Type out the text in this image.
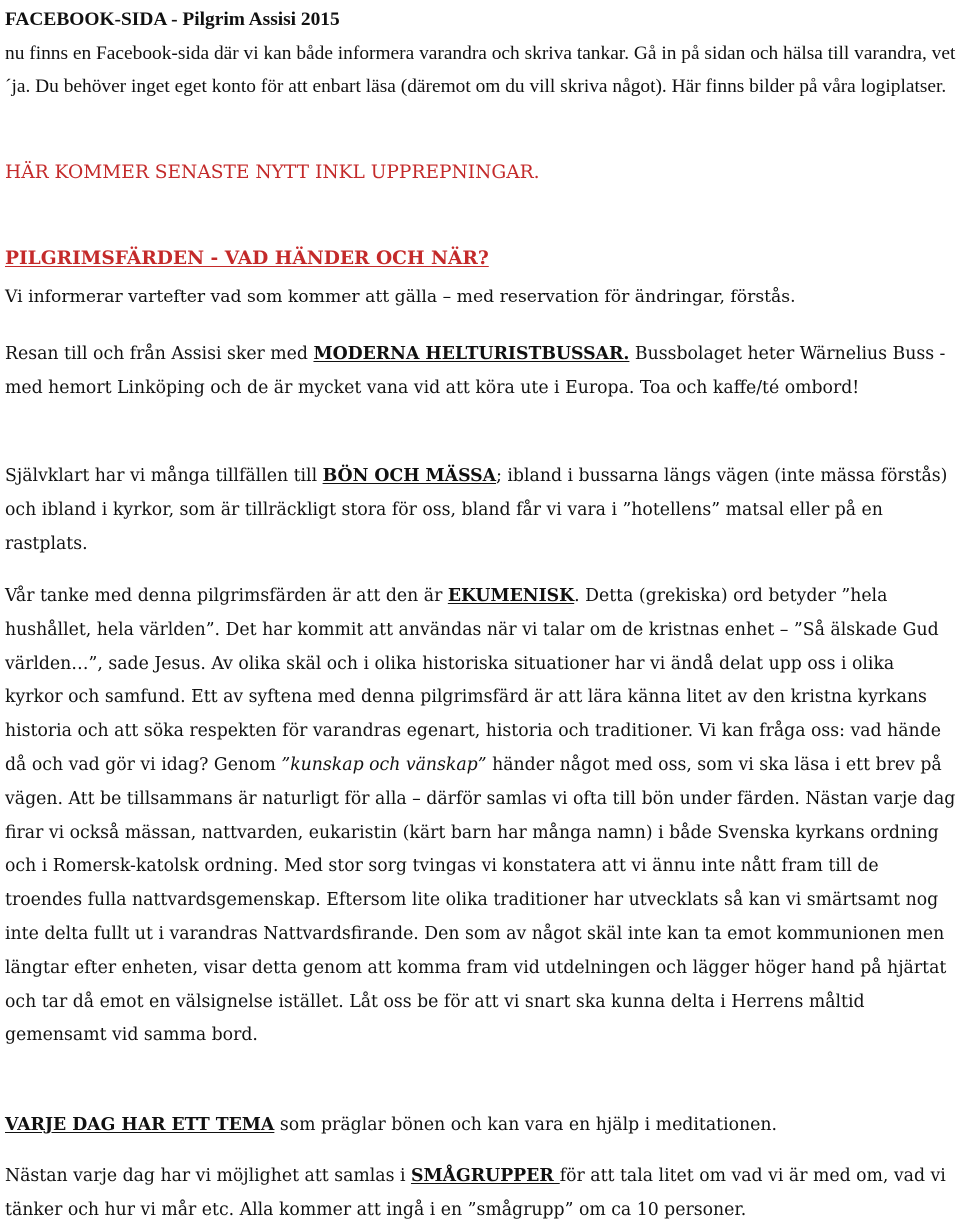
FACEBOOK-SIDA - Pilgrim Assisi 2015
nu finns en Facebook-sida där vi kan både informera varandra och skriva tankar. Gå in på sidan och hälsa till varandra, vet´ja. Du behöver inget eget konto för att enbart läsa (däremot om du vill skriva något). Här finns bilder på våra logiplatser.
HÄR KOMMER SENASTE NYTT INKL UPPREPNINGAR.
PILGRIMSFÄRDEN - VAD HÄNDER OCH NÄR?
Vi informerar vartefter vad som kommer att gälla – med reservation för ändringar, förstås.
Resan till och från Assisi sker med MODERNA HELTURISTBUSSAR. Bussbolaget heter Wärnelius Buss - med hemort Linköping och de är mycket vana vid att köra ute i Europa. Toa och kaffe/té ombord!
Självklart har vi många tillfällen till BÖN OCH MÄSSA; ibland i bussarna längs vägen (inte mässa förstås) och ibland i kyrkor, som är tillräckligt stora för oss, bland får vi vara i ”hotellens” matsal eller på en rastplats.
Vår tanke med denna pilgrimsfärden är att den är EKUMENISK. Detta (grekiska) ord betyder ”hela hushållet, hela världen”. Det har kommit att användas när vi talar om de kristnas enhet – ”Så älskade Gud världen…”, sade Jesus. Av olika skäl och i olika historiska situationer har vi ändå delat upp oss i olika kyrkor och samfund. Ett av syftena med denna pilgrimsfärd är att lära känna litet av den kristna kyrkans historia och att söka respekten för varandras egenart, historia och traditioner. Vi kan fråga oss: vad hände då och vad gör vi idag? Genom ”kunskap och vänskap” händer något med oss, som vi ska läsa i ett brev på vägen. Att be tillsammans är naturligt för alla – därför samlas vi ofta till bön under färden. Nästan varje dag firar vi också mässan, nattvarden, eukaristin (kärt barn har många namn) i både Svenska kyrkans ordning och i Romersk-katolsk ordning. Med stor sorg tvingas vi konstatera att vi ännu inte nått fram till de troendes fulla nattvardsgemenskap. Eftersom lite olika traditioner har utvecklats så kan vi smärtsamt nog inte delta fullt ut i varandras Nattvardsfirande. Den som av något skäl inte kan ta emot kommunionen men längtar efter enheten, visar detta genom att komma fram vid utdelningen och lägger höger hand på hjärtat och tar då emot en välsignelse istället. Låt oss be för att vi snart ska kunna delta i Herrens måltid gemensamt vid samma bord.
VARJE DAG HAR ETT TEMA som präglar bönen och kan vara en hjälp i meditationen.
Nästan varje dag har vi möjlighet att samlas i SMÅGRUPPER för att tala litet om vad vi är med om, vad vi tänker och hur vi mår etc. Alla kommer att ingå i en ”smågrupp” om ca 10 personer.
